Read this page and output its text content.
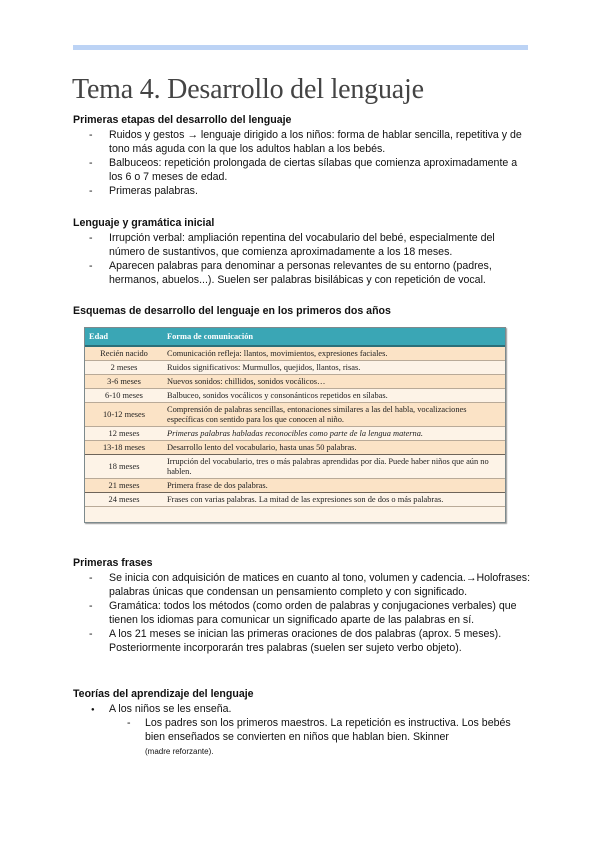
Tema 4. Desarrollo del lenguaje
Primeras etapas del desarrollo del lenguaje
- Ruidos y gestos → lenguaje dirigido a los niños: forma de hablar sencilla, repetitiva y de tono más aguda con la que los adultos hablan a los bebés.
- Balbuceos: repetición prolongada de ciertas sílabas que comienza aproximadamente a los 6 o 7 meses de edad.
- Primeras palabras.
Lenguaje y gramática inicial
- Irrupción verbal: ampliación repentina del vocabulario del bebé, especialmente del número de sustantivos, que comienza aproximadamente a los 18 meses.
- Aparecen palabras para denominar a personas relevantes de su entorno (padres, hermanos, abuelos...). Suelen ser palabras bisilábicas y con repetición de vocal.
Esquemas de desarrollo del lenguaje en los primeros dos años
Edad	Forma de comunicación
Recién nacido	Comunicación refleja: llantos, movimientos, expresiones faciales.
2 meses	Ruidos significativos: Murmullos, quejidos, llantos, risas.
3-6 meses	Nuevos sonidos: chillidos, sonidos vocálicos…
6-10 meses	Balbuceo, sonidos vocálicos y consonánticos repetidos en sílabas.
10-12 meses	Comprensión de palabras sencillas, entonaciones similares a las del habla, vocalizaciones específicas con sentido para los que conocen al niño.
12 meses	Primeras palabras habladas reconocibles como parte de la lengua materna.
13-18 meses	Desarrollo lento del vocabulario, hasta unas 50 palabras.
18 meses	Irrupción del vocabulario, tres o más palabras aprendidas por día. Puede haber niños que aún no hablen.
21 meses	Primera frase de dos palabras.
24 meses	Frases con varias palabras. La mitad de las expresiones son de dos o más palabras.
Primeras frases
- Se inicia con adquisición de matices en cuanto al tono, volumen y cadencia.→Holofrases: palabras únicas que condensan un pensamiento completo y con significado.
- Gramática: todos los métodos (como orden de palabras y conjugaciones verbales) que tienen los idiomas para comunicar un significado aparte de las palabras en sí.
- A los 21 meses se inician las primeras oraciones de dos palabras (aprox. 5 meses). Posteriormente incorporarán tres palabras (suelen ser sujeto verbo objeto).
Teorías del aprendizaje del lenguaje
● A los niños se les enseña.
- Los padres son los primeros maestros. La repetición es instructiva. Los bebés bien enseñados se convierten en niños que hablan bien. Skinner
(madre reforzante).
